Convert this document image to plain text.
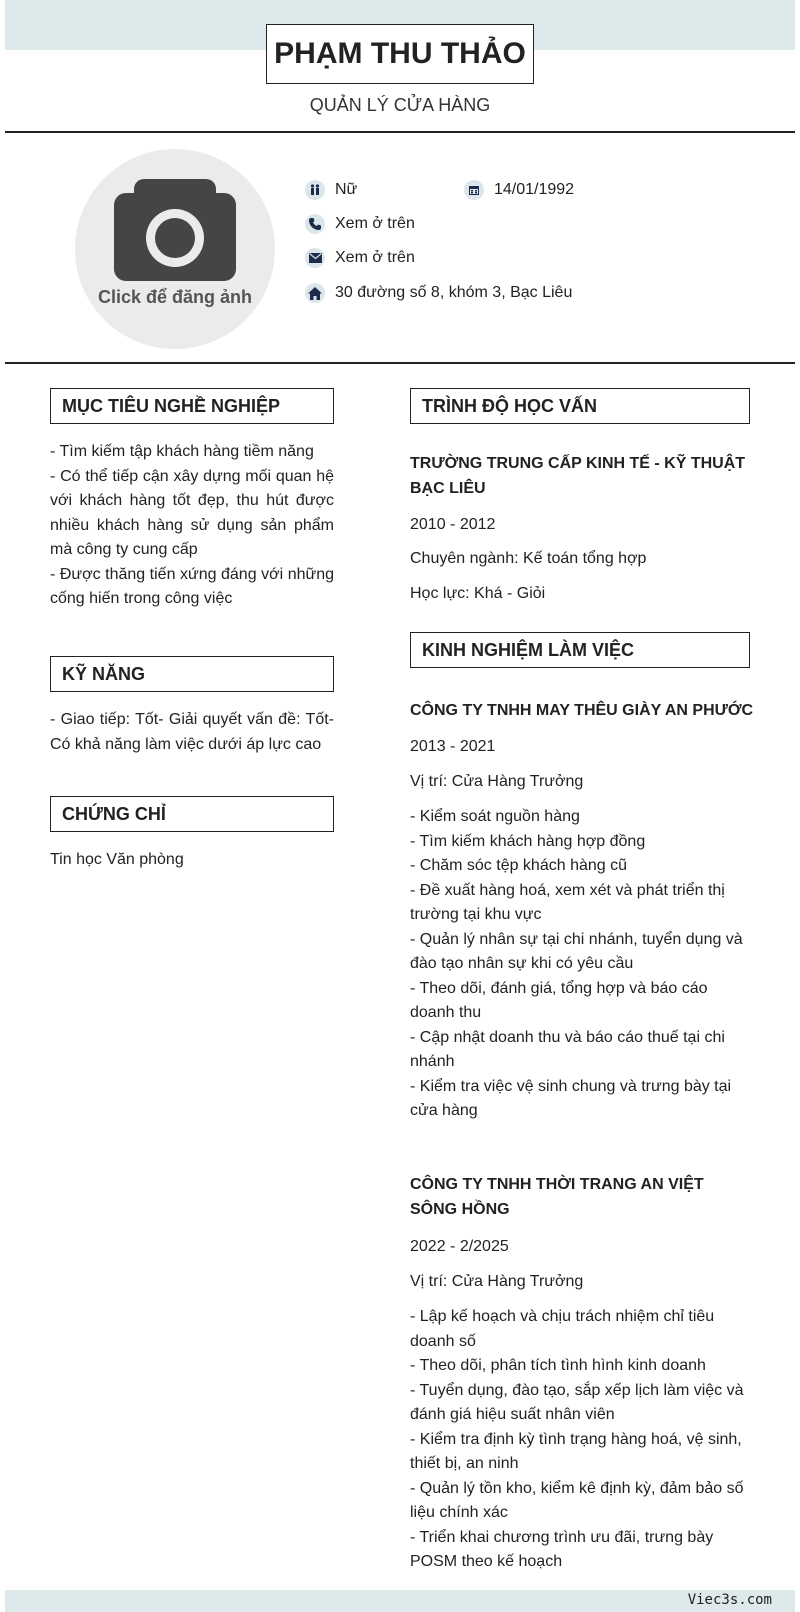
PHẠM THU THẢO
QUẢN LÝ CỬA HÀNG
Click để đăng ảnh
Nữ	14/01/1992
Xem ở trên
Xem ở trên
30 đường số 8, khóm 3, Bạc Liêu
MỤC TIÊU NGHỀ NGHIỆP
- Tìm kiếm tập khách hàng tiềm năng
- Có thể tiếp cận xây dựng mối quan hệ với khách hàng tốt đẹp, thu hút được nhiều khách hàng sử dụng sản phẩm mà công ty cung cấp
- Được thăng tiến xứng đáng với những cống hiến trong công việc
KỸ NĂNG
- Giao tiếp: Tốt- Giải quyết vấn đề: Tốt- Có khả năng làm việc dưới áp lực cao
CHỨNG CHỈ
Tin học Văn phòng
TRÌNH ĐỘ HỌC VẤN
TRƯỜNG TRUNG CẤP KINH TẾ - KỸ THUẬT BẠC LIÊU
2010 - 2012
Chuyên ngành: Kế toán tổng hợp
Học lực: Khá - Giỏi
KINH NGHIỆM LÀM VIỆC
CÔNG TY TNHH MAY THÊU GIÀY AN PHƯỚC
2013 - 2021
Vị trí: Cửa Hàng Trưởng
- Kiểm soát nguồn hàng
- Tìm kiếm khách hàng hợp đồng
- Chăm sóc tệp khách hàng cũ
- Đề xuất hàng hoá, xem xét và phát triển thị trường tại khu vực
- Quản lý nhân sự tại chi nhánh, tuyển dụng và đào tạo nhân sự khi có yêu cầu
- Theo dõi, đánh giá, tổng hợp và báo cáo doanh thu
- Cập nhật doanh thu và báo cáo thuế tại chi nhánh
- Kiểm tra việc vệ sinh chung và trưng bày tại cửa hàng
CÔNG TY TNHH THỜI TRANG AN VIỆT SÔNG HỒNG
2022 - 2/2025
Vị trí: Cửa Hàng Trưởng
- Lập kế hoạch và chịu trách nhiệm chỉ tiêu doanh số
- Theo dõi, phân tích tình hình kinh doanh
- Tuyển dụng, đào tạo, sắp xếp lịch làm việc và đánh giá hiệu suất nhân viên
- Kiểm tra định kỳ tình trạng hàng hoá, vệ sinh, thiết bị, an ninh
- Quản lý tồn kho, kiểm kê định kỳ, đảm bảo số liệu chính xác
- Triển khai chương trình ưu đãi, trưng bày POSM theo kế hoạch
Viec3s.com
